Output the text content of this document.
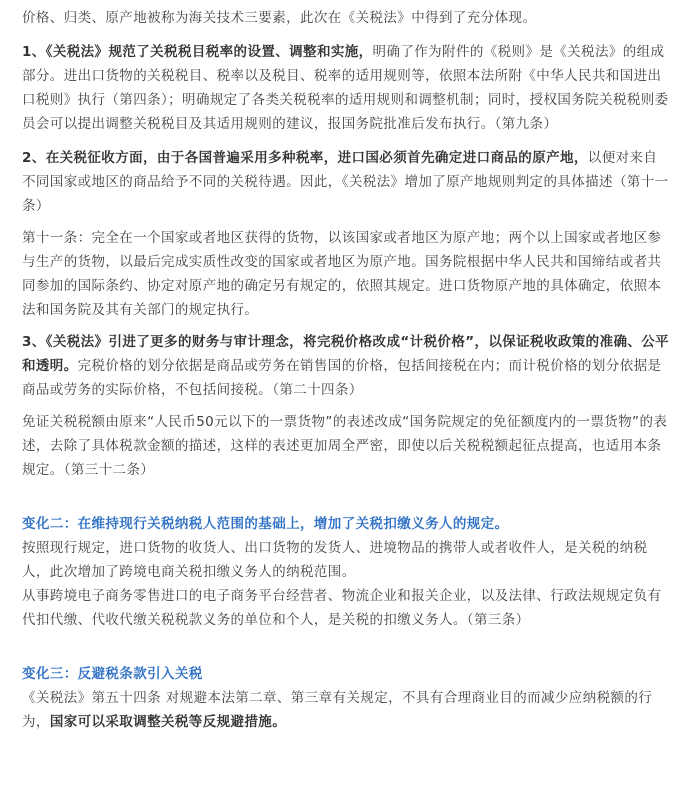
价格、归类、原产地被称为海关技术三要素，此次在《关税法》中得到了充分体现。

1、《关税法》规范了关税税目税率的设置、调整和实施，明确了作为附件的《税则》是《关税法》的组成部分。进出口货物的关税税目、税率以及税目、税率的适用规则等，依照本法所附《中华人民共和国进出口税则》执行（第四条）；明确规定了各类关税税率的适用规则和调整机制；同时，授权国务院关税税则委员会可以提出调整关税税目及其适用规则的建议，报国务院批准后发布执行。（第九条）

2、在关税征收方面，由于各国普遍采用多种税率，进口国必须首先确定进口商品的原产地，以便对来自不同国家或地区的商品给予不同的关税待遇。因此，《关税法》增加了原产地规则判定的具体描述（第十一条）

第十一条：完全在一个国家或者地区获得的货物，以该国家或者地区为原产地；两个以上国家或者地区参与生产的货物，以最后完成实质性改变的国家或者地区为原产地。国务院根据中华人民共和国缔结或者共同参加的国际条约、协定对原产地的确定另有规定的，依照其规定。进口货物原产地的具体确定，依照本法和国务院及其有关部门的规定执行。

3、《关税法》引进了更多的财务与审计理念，将完税价格改成“计税价格”，以保证税收政策的准确、公平和透明。完税价格的划分依据是商品或劳务在销售国的价格，包括间接税在内；而计税价格的划分依据是商品或劳务的实际价格，不包括间接税。（第二十四条）

免证关税税额由原来“人民币50元以下的一票货物”的表述改成“国务院规定的免征额度内的一票货物”的表述，去除了具体税款金额的描述，这样的表述更加周全严密，即使以后关税税额起征点提高，也适用本条规定。（第三十二条）

变化二：在维持现行关税纳税人范围的基础上，增加了关税扣缴义务人的规定。

按照现行规定，进口货物的收货人、出口货物的发货人、进境物品的携带人或者收件人，是关税的纳税人，此次增加了跨境电商关税扣缴义务人的纳税范围。

从事跨境电子商务零售进口的电子商务平台经营者、物流企业和报关企业，以及法律、行政法规规定负有代扣代缴、代收代缴关税税款义务的单位和个人，是关税的扣缴义务人。（第三条）

变化三：反避税条款引入关税

《关税法》第五十四条 对规避本法第二章、第三章有关规定，不具有合理商业目的而减少应纳税额的行为，国家可以采取调整关税等反规避措施。
